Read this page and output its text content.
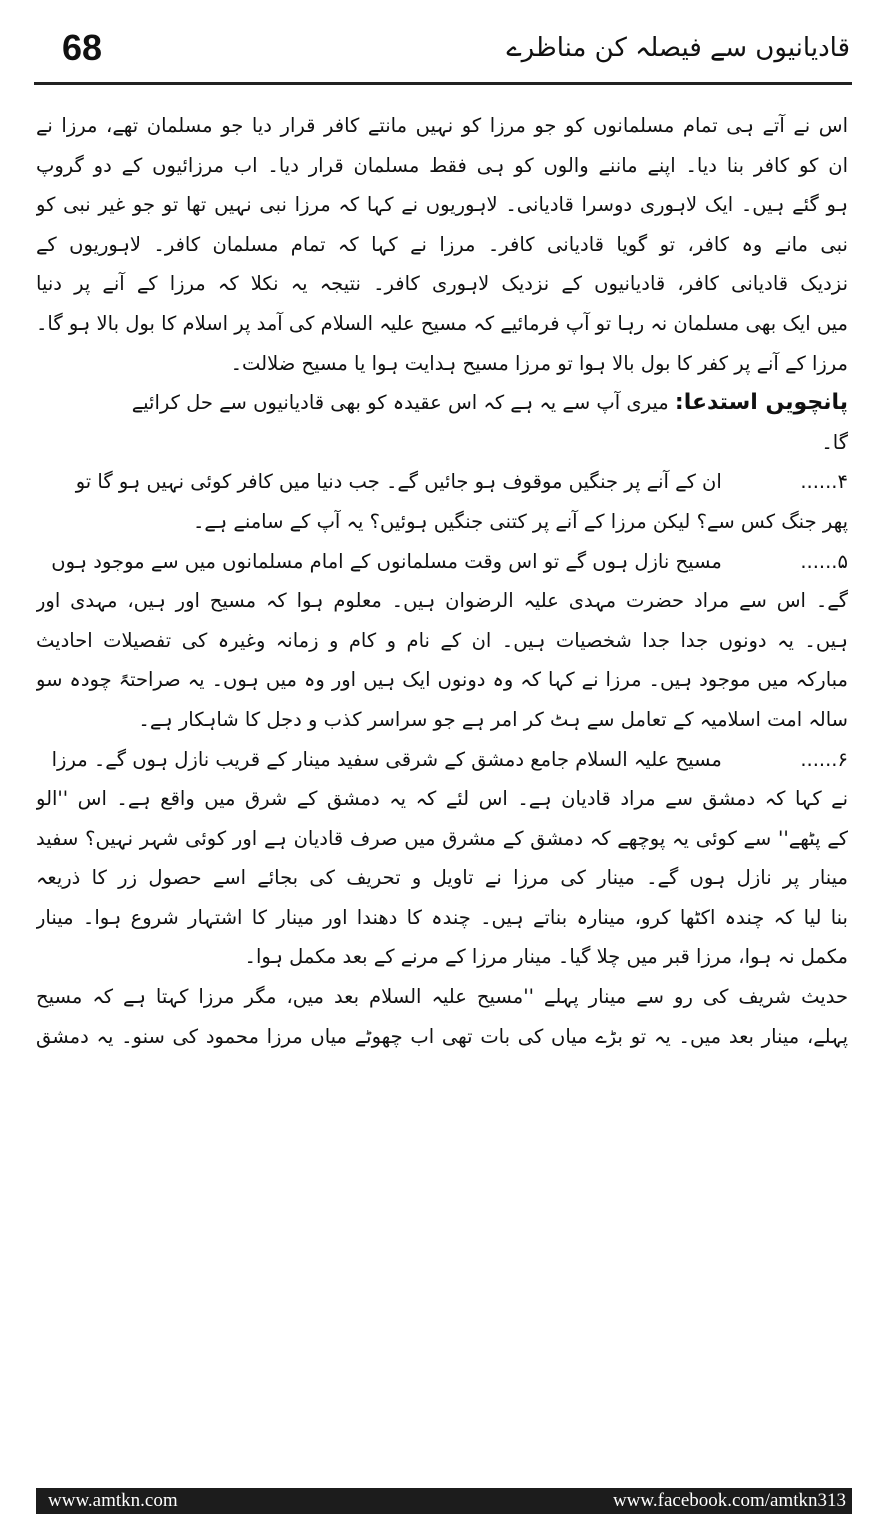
68	قادیانیوں سے فیصلہ کن مناظرے
اس نے آتے ہی تمام مسلمانوں کو جو مرزا کو نہیں مانتے کافر قرار دیا جو مسلمان تھے، مرزا نے
ان کو کافر بنا دیا۔ اپنے ماننے والوں کو ہی فقط مسلمان قرار دیا۔ اب مرزائیوں کے دو گروپ
ہو گئے ہیں۔ ایک لاہوری دوسرا قادیانی۔ لاہوریوں نے کہا کہ مرزا نبی نہیں تھا تو جو غیر نبی کو
نبی مانے وہ کافر، تو گویا قادیانی کافر۔ مرزا نے کہا کہ تمام مسلمان کافر۔ لاہوریوں کے
نزدیک قادیانی کافر، قادیانیوں کے نزدیک لاہوری کافر۔ نتیجہ یہ نکلا کہ مرزا کے آنے پر دنیا
میں ایک بھی مسلمان نہ رہا تو آپ فرمائیے کہ مسیح علیہ السلام کی آمد پر اسلام کا بول بالا ہو گا۔
مرزا کے آنے پر کفر کا بول بالا ہوا تو مرزا مسیح ہدایت ہوا یا مسیح ضلالت۔
پانچویں استدعا: میری آپ سے یہ ہے کہ اس عقیدہ کو بھی قادیانیوں سے حل کرائیے
گا۔
۴...... ان کے آنے پر جنگیں موقوف ہو جائیں گے۔ جب دنیا میں کافر کوئی نہیں ہو گا تو
پھر جنگ کس سے؟ لیکن مرزا کے آنے پر کتنی جنگیں ہوئیں؟ یہ آپ کے سامنے ہے۔
۵...... مسیح نازل ہوں گے تو اس وقت مسلمانوں کے امام مسلمانوں میں سے موجود ہوں
گے۔ اس سے مراد حضرت مہدی علیہ الرضوان ہیں۔ معلوم ہوا کہ مسیح اور ہیں، مہدی اور
ہیں۔ یہ دونوں جدا جدا شخصیات ہیں۔ ان کے نام و کام و زمانہ وغیرہ کی تفصیلات احادیث
مبارکہ میں موجود ہیں۔ مرزا نے کہا کہ وہ دونوں ایک ہیں اور وہ میں ہوں۔ یہ صراحتہً چودہ سو
سالہ امت اسلامیہ کے تعامل سے ہٹ کر امر ہے جو سراسر کذب و دجل کا شاہکار ہے۔
۶...... مسیح علیہ السلام جامع دمشق کے شرقی سفید مینار کے قریب نازل ہوں گے۔ مرزا
نے کہا کہ دمشق سے مراد قادیان ہے۔ اس لئے کہ یہ دمشق کے شرق میں واقع ہے۔ اس ''الو
کے پٹھے'' سے کوئی یہ پوچھے کہ دمشق کے مشرق میں صرف قادیان ہے اور کوئی شہر نہیں؟ سفید
مینار پر نازل ہوں گے۔ مینار کی مرزا نے تاویل و تحریف کی بجائے اسے حصول زر کا ذریعہ
بنا لیا کہ چندہ اکٹھا کرو، مینارہ بناتے ہیں۔ چندہ کا دھندا اور مینار کا اشتہار شروع ہوا۔ مینار
مکمل نہ ہوا، مرزا قبر میں چلا گیا۔ مینار مرزا کے مرنے کے بعد مکمل ہوا۔
حدیث شریف کی رو سے مینار پہلے ''مسیح علیہ السلام بعد میں، مگر مرزا کہتا ہے کہ مسیح
پہلے، مینار بعد میں۔ یہ تو بڑے میاں کی بات تھی اب چھوٹے میاں مرزا محمود کی سنو۔ یہ دمشق
www.amtkn.com	www.facebook.com/amtkn313
